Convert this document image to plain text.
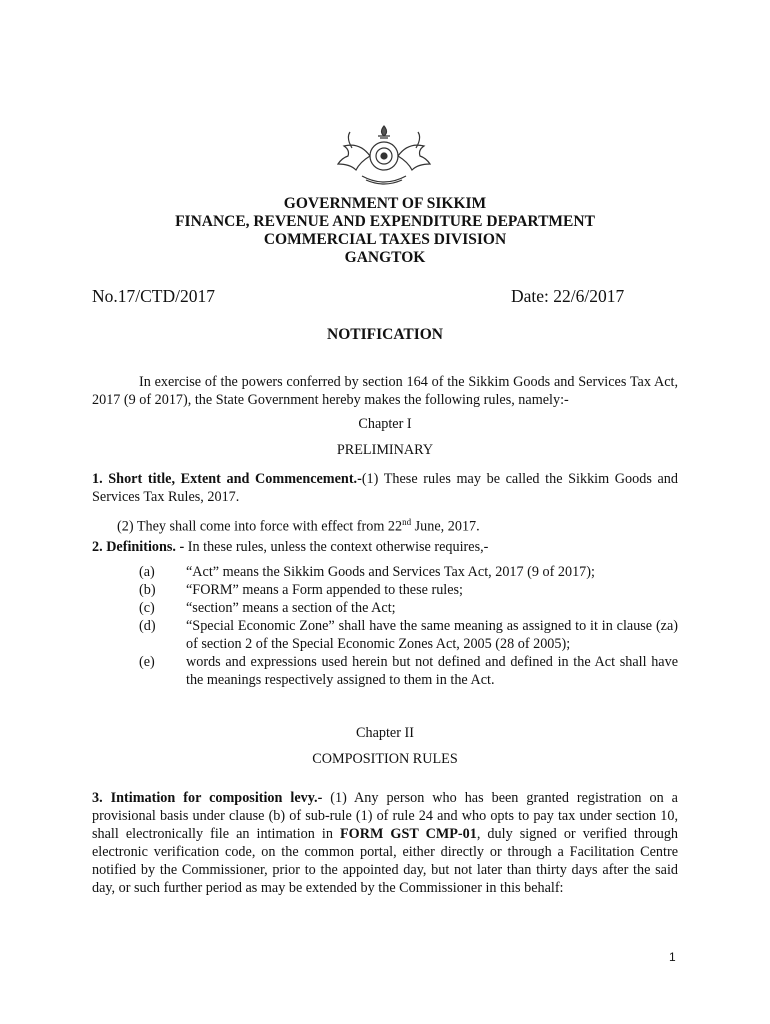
GOVERNMENT OF SIKKIM
FINANCE, REVENUE AND EXPENDITURE DEPARTMENT
COMMERCIAL TAXES DIVISION
GANGTOK
No.17/CTD/2017	Date: 22/6/2017
NOTIFICATION
In exercise of the powers conferred by section 164 of the Sikkim Goods and Services Tax Act, 2017 (9 of 2017), the State Government hereby makes the following rules, namely:-
Chapter I
PRELIMINARY
1. Short title, Extent and Commencement.-(1) These rules may be called the Sikkim Goods and Services Tax Rules, 2017.
(2) They shall come into force with effect from 22nd June, 2017.
2. Definitions. - In these rules, unless the context otherwise requires,-
(a)	“Act” means the Sikkim Goods and Services Tax Act, 2017 (9 of 2017);
(b)	“FORM” means a Form appended to these rules;
(c)	“section” means a section of the Act;
(d)	“Special Economic Zone” shall have the same meaning as assigned to it in clause (za) of section 2 of the Special Economic Zones Act, 2005 (28 of 2005);
(e)	words and expressions used herein but not defined and defined in the Act shall have the meanings respectively assigned to them in the Act.
Chapter II
COMPOSITION RULES
3. Intimation for composition levy.- (1) Any person who has been granted registration on a provisional basis under clause (b) of sub-rule (1) of rule 24 and who opts to pay tax under section 10, shall electronically file an intimation in FORM GST CMP-01, duly signed or verified through electronic verification code, on the common portal, either directly or through a Facilitation Centre notified by the Commissioner, prior to the appointed day, but not later than thirty days after the said day, or such further period as may be extended by the Commissioner in this behalf:
1
